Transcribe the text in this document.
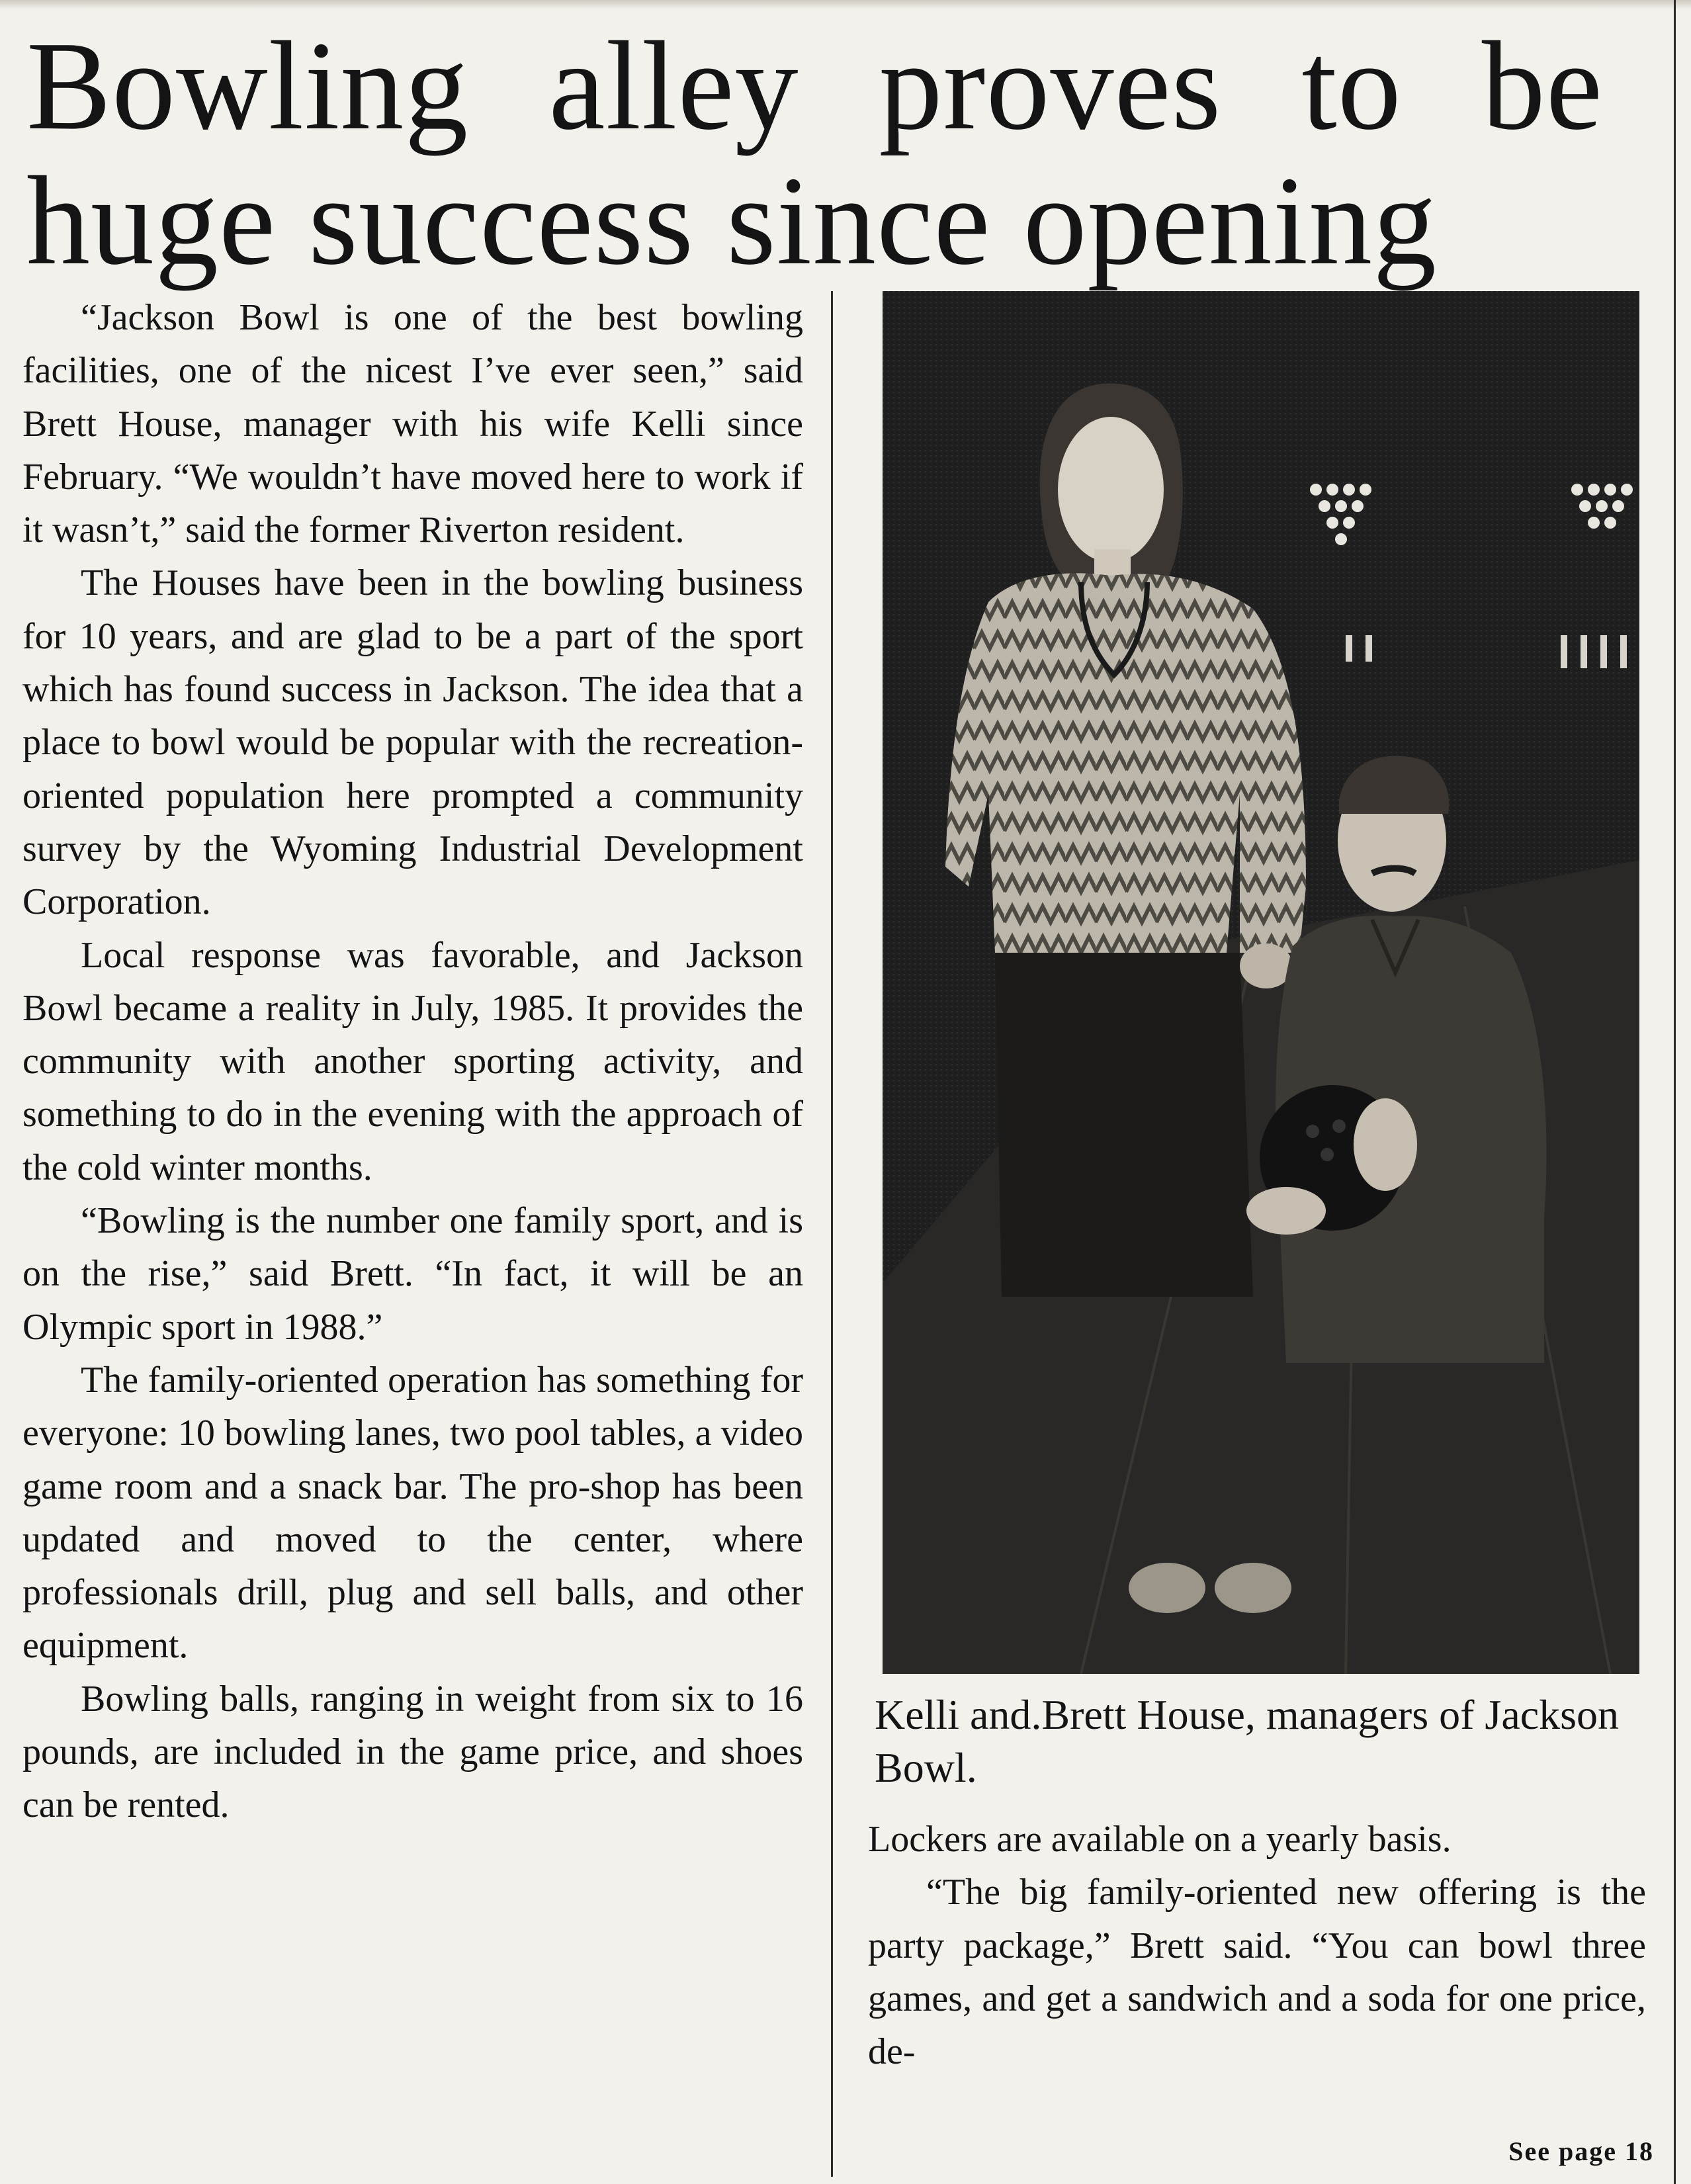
Bowling alley proves to be
huge success since opening

“Jackson Bowl is one of the best bowling facilities, one of the nicest I’ve ever seen,” said Brett House, manager with his wife Kelli since February. “We wouldn’t have moved here to work if it wasn’t,” said the former Riverton resident.

The Houses have been in the bowling business for 10 years, and are glad to be a part of the sport which has found success in Jackson. The idea that a place to bowl would be popular with the recreation-oriented population here prompted a community survey by the Wyoming Industrial Development Corporation.

Local response was favorable, and Jackson Bowl became a reality in July, 1985. It provides the community with another sporting activity, and something to do in the evening with the approach of the cold winter months.

“Bowling is the number one family sport, and is on the rise,” said Brett. “In fact, it will be an Olympic sport in 1988.”

The family-oriented operation has something for everyone: 10 bowling lanes, two pool tables, a video game room and a snack bar. The pro-shop has been updated and moved to the center, where professionals drill, plug and sell balls, and other equipment.

Bowling balls, ranging in weight from six to 16 pounds, are included in the game price, and shoes can be rented.

Kelli and.Brett House, managers of Jackson Bowl.

Lockers are available on a yearly basis.

“The big family-oriented new offering is the party package,” Brett said. “You can bowl three games, and get a sandwich and a soda for one price, de-

See page 18
